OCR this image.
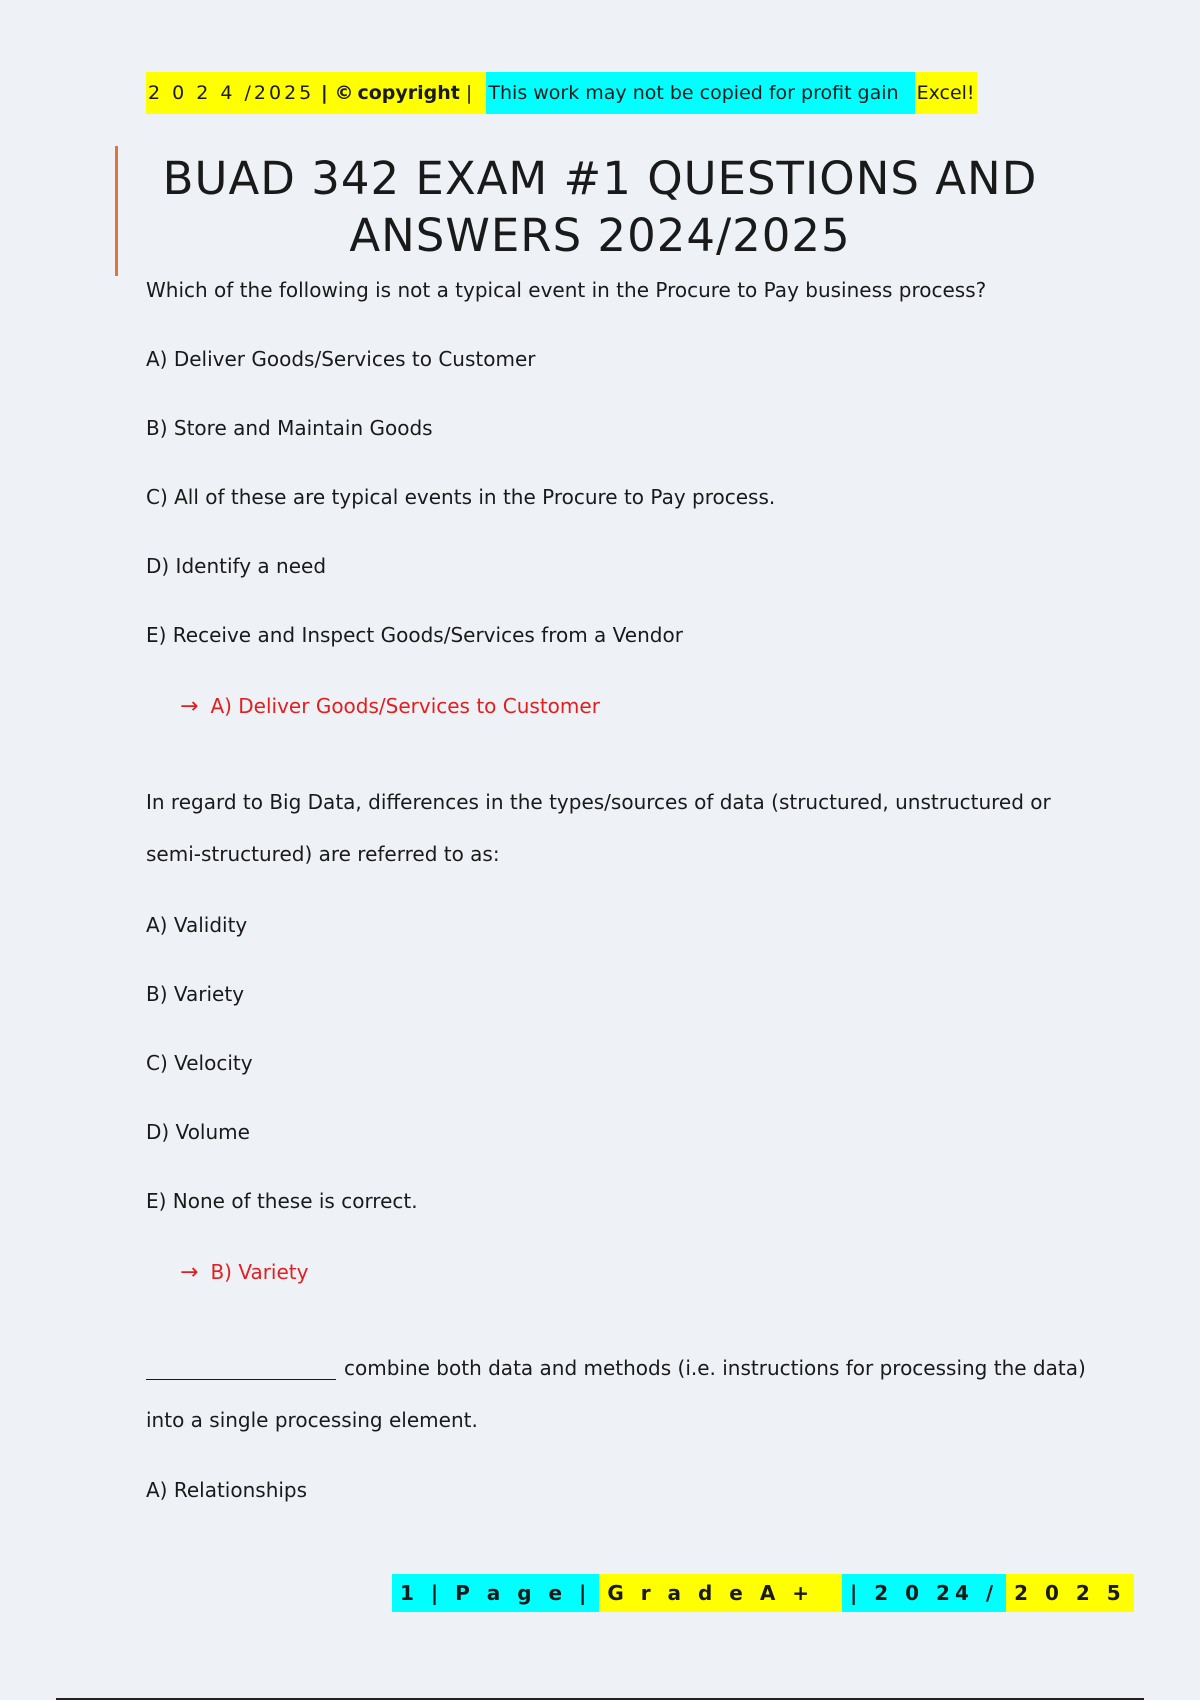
2 0 2 4 /2025 | © copyright | This work may not be copied for profit gain Excel!
BUAD 342 EXAM #1 QUESTIONS AND
ANSWERS 2024/2025
Which of the following is not a typical event in the Procure to Pay business process?
A) Deliver Goods/Services to Customer
B) Store and Maintain Goods
C) All of these are typical events in the Procure to Pay process.
D) Identify a need
E) Receive and Inspect Goods/Services from a Vendor
→ A) Deliver Goods/Services to Customer
In regard to Big Data, differences in the types/sources of data (structured, unstructured or
semi-structured) are referred to as:
A) Validity
B) Variety
C) Velocity
D) Volume
E) None of these is correct.
→ B) Variety
combine both data and methods (i.e. instructions for processing the data)
into a single processing element.
A) Relationships
1 | P a g e | G r a d e A +	| 2 0 24 / 2 0 2 5
